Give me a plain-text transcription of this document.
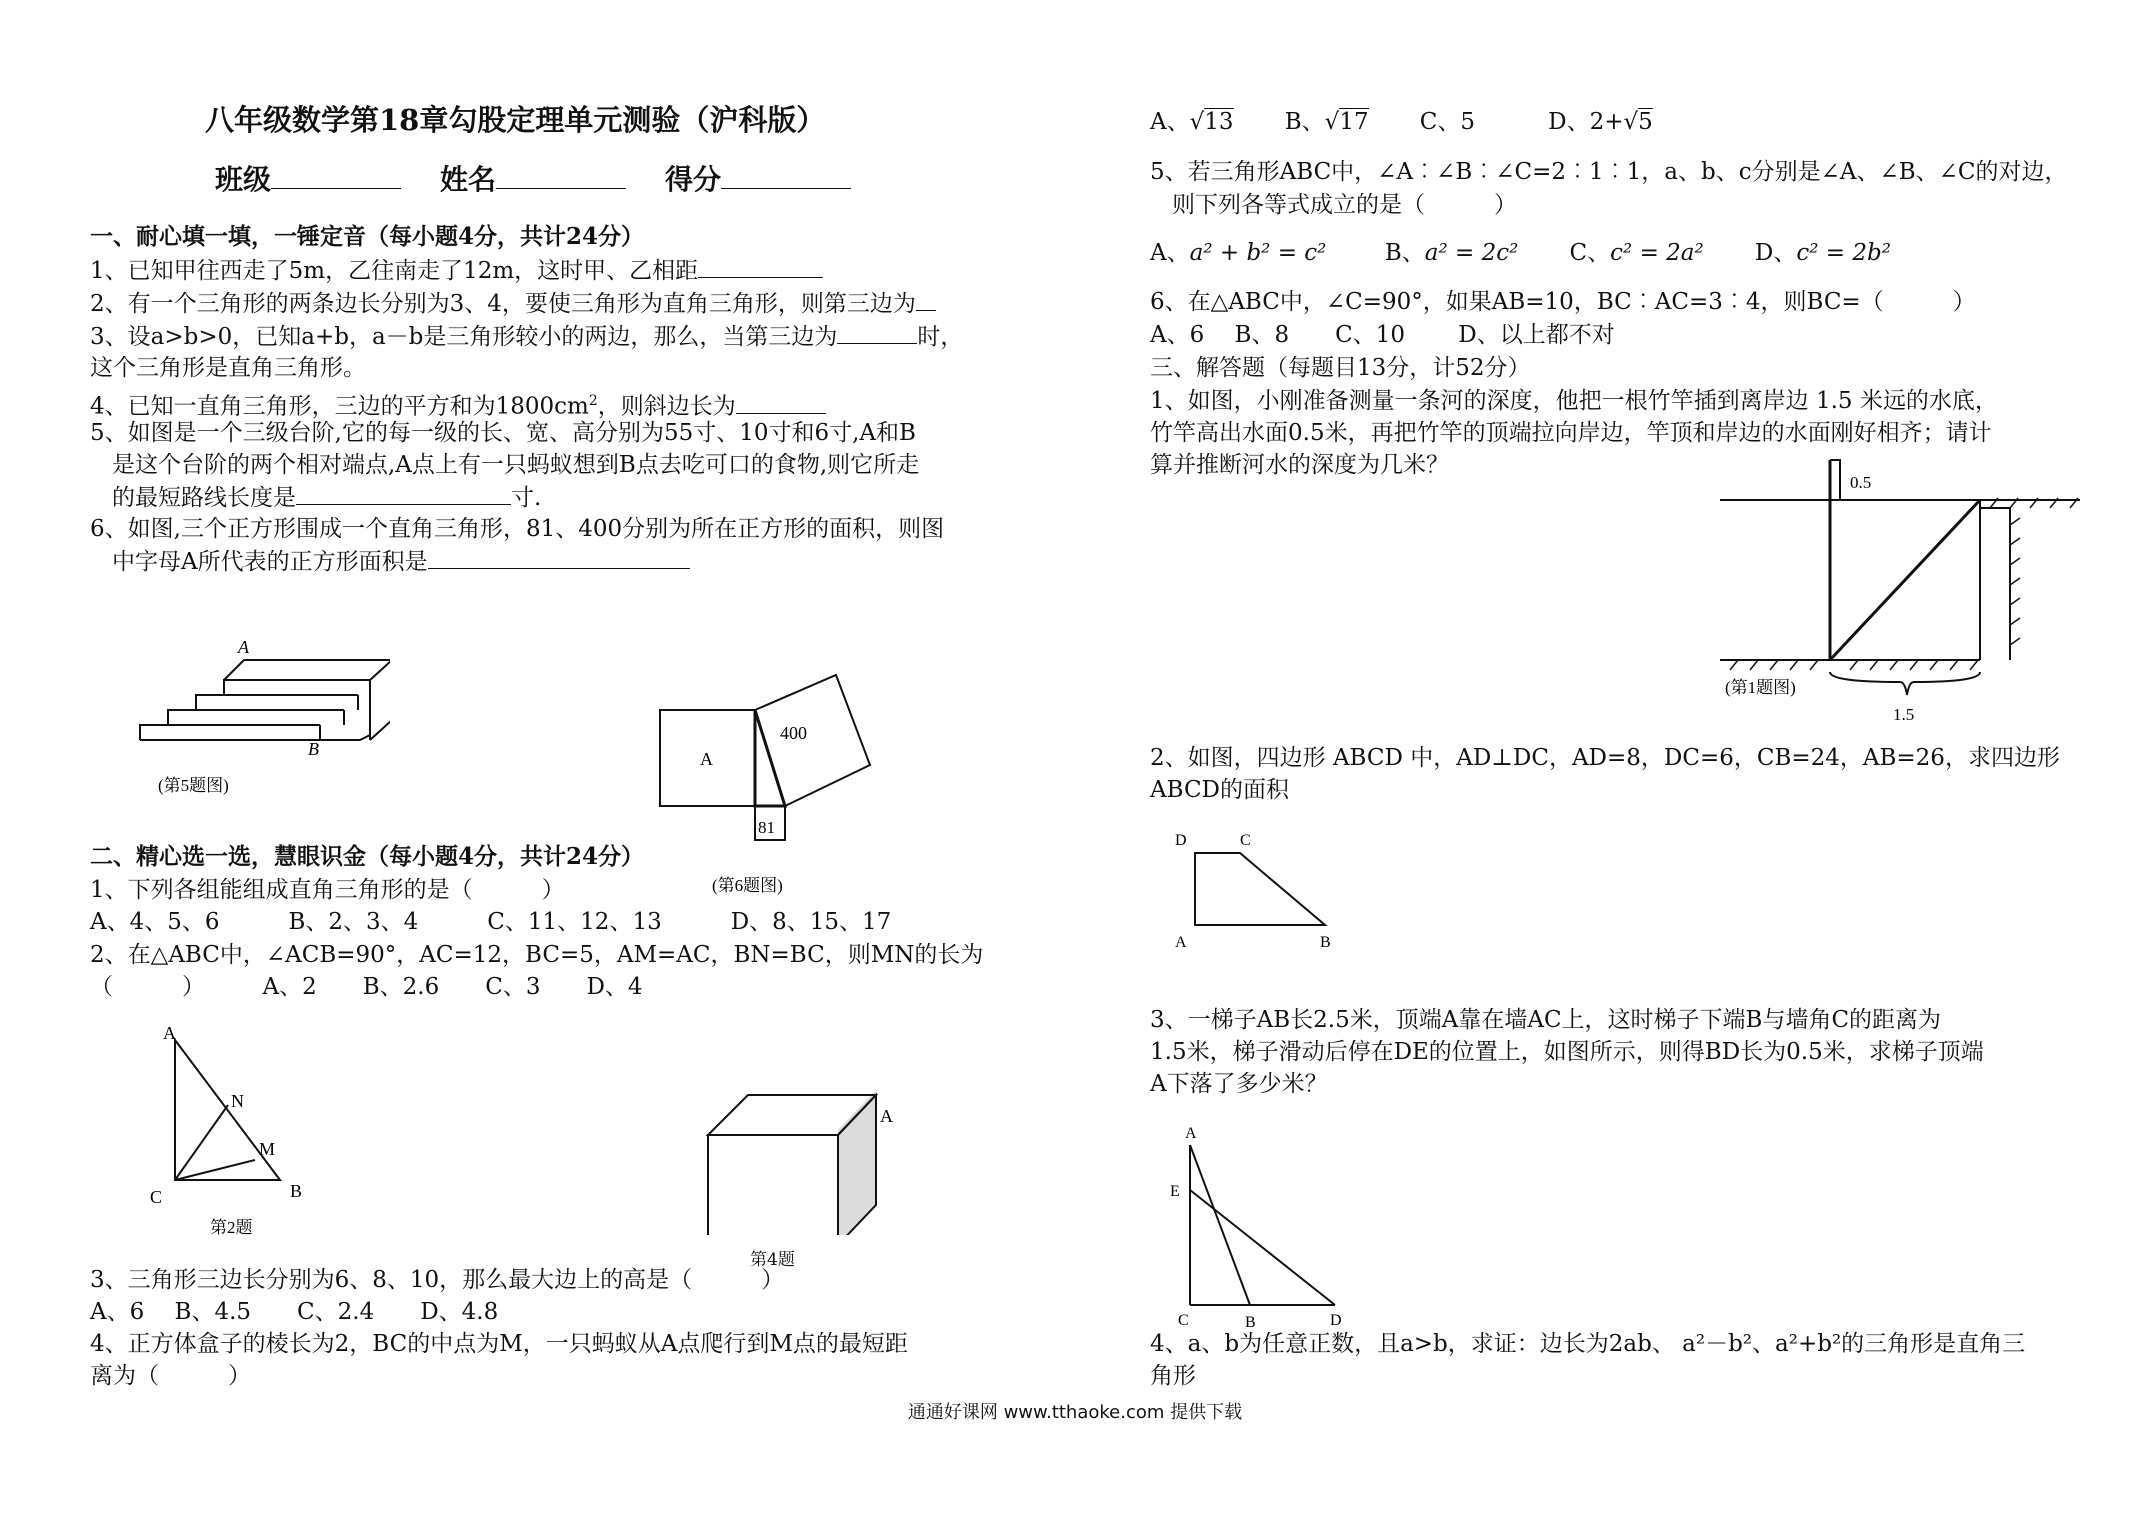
八年级数学第18章勾股定理单元测验（沪科版）
班级	姓名	得分
一、耐心填一填，一锤定音（每小题4分，共计24分）
1、已知甲往西走了5m，乙往南走了12m，这时甲、乙相距
2、有一个三角形的两条边长分别为3、4，要使三角形为直角三角形，则第三边为
3、设a>b>0，已知a+b，a－b是三角形较小的两边，那么，当第三边为	时，
这个三角形是直角三角形。
4、已知一直角三角形，三边的平方和为$1800cm^2$，则斜边长为
5、如图是一个三级台阶,它的每一级的长、宽、高分别为55寸、10寸和6寸,A和B
是这个台阶的两个相对端点,A点上有一只蚂蚁想到B点去吃可口的食物,则它所走
的最短路线长度是	寸.
6、如图,三个正方形围成一个直角三角形，81、400分别为所在正方形的面积，则图
中字母A所代表的正方形面积是
A
B
(第5题图)
A
400
81
(第6题图)
二、精心选一选，慧眼识金（每小题4分，共计24分）
1、下列各组能组成直角三角形的是（　　　）
A、4、5、6　　　B、2、3、4　　　C、11、12、13　　　D、8、15、17
2、在△ABC中，∠ACB=90°，AC=12，BC=5，AM=AC，BN=BC，则MN的长为
（　　　）　　　A、2　　B、2.6　　C、3　　D、4
A
N
M
C	B
第2题
A
第4题
3、三角形三边长分别为6、8、10，那么最大边上的高是（　　　）
A、6　 B、4.5　　C、2.4　　D、4.8
4、正方体盒子的棱长为2，BC的中点为M，一只蚂蚁从A点爬行到M点的最短距
离为（　　　）
A、√13 B、√17 C、5	D、2+√5
5、若三角形ABC中，∠A︰∠B︰∠C=2︰1︰1，a、b、c分别是∠A、∠B、∠C的对边，
则下列各等式成立的是（　　　）
A、a² + b² = c²	B、a² = 2c² C、c² = 2a² D、c² = 2b²
6、在△ABC中，∠C=90°，如果AB=10，BC︰AC=3︰4，则BC=（　　　）
A、6　 B、8　　C、10　　 D、以上都不对
三、解答题（每题目13分，计52分）
1、如图，小刚准备测量一条河的深度，他把一根竹竿插到离岸边 1.5 米远的水底，
竹竿高出水面0.5米，再把竹竿的顶端拉向岸边，竿顶和岸边的水面刚好相齐；请计
算并推断河水的深度为几米？
0.5
1.5
(第1题图)
2、如图，四边形 ABCD 中，AD⊥DC，AD=8，DC=6，CB=24，AB=26，求四边形
ABCD的面积
D	C
A	B
3、一梯子AB长2.5米，顶端A靠在墙AC上，这时梯子下端B与墙角C的距离为
1.5米，梯子滑动后停在DE的位置上，如图所示，则得BD长为0.5米，求梯子顶端
A下落了多少米？
A
E
C	B	D
4、a、b为任意正数，且a>b，求证：边长为2ab、 a²－b²、a²+b²的三角形是直角三
角形
通通好课网 www.tthaoke.com 提供下载
